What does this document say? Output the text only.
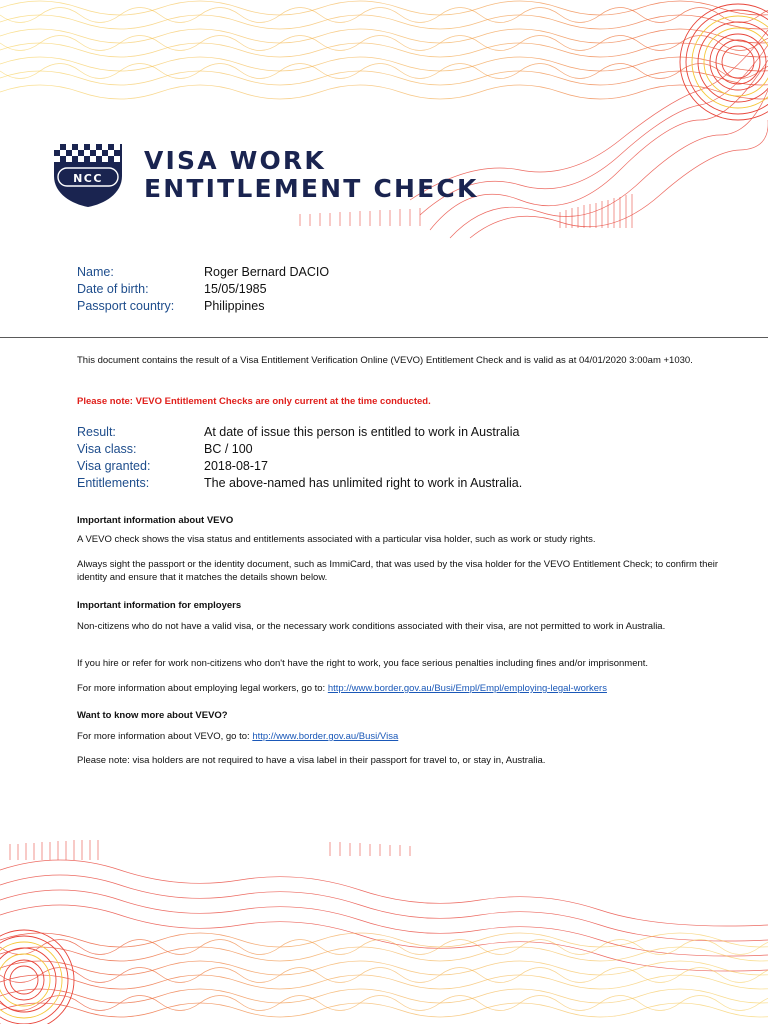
NCC
VISA WORK
ENTITLEMENT CHECK
Name:	Roger Bernard DACIO
Date of birth:	15/05/1985
Passport country:	Philippines
This document contains the result of a Visa Entitlement Verification Online (VEVO) Entitlement Check and is valid as at 04/01/2020 3:00am +1030.
Please note: VEVO Entitlement Checks are only current at the time conducted.
Result:	At date of issue this person is entitled to work in Australia
Visa class:	BC / 100
Visa granted:	2018-08-17
Entitlements:	The above-named has unlimited right to work in Australia.
Important information about VEVO
A VEVO check shows the visa status and entitlements associated with a particular visa holder, such as work or study rights.
Always sight the passport or the identity document, such as ImmiCard, that was used by the visa holder for the VEVO Entitlement Check; to confirm their identity and ensure that it matches the details shown below.
Important information for employers
Non-citizens who do not have a valid visa, or the necessary work conditions associated with their visa, are not permitted to work in Australia.
If you hire or refer for work non-citizens who don't have the right to work, you face serious penalties including fines and/or imprisonment.
For more information about employing legal workers, go to: http://www.border.gov.au/Busi/Empl/Empl/employing-legal-workers
Want to know more about VEVO?
For more information about VEVO, go to: http://www.border.gov.au/Busi/Visa
Please note: visa holders are not required to have a visa label in their passport for travel to, or stay in, Australia.
